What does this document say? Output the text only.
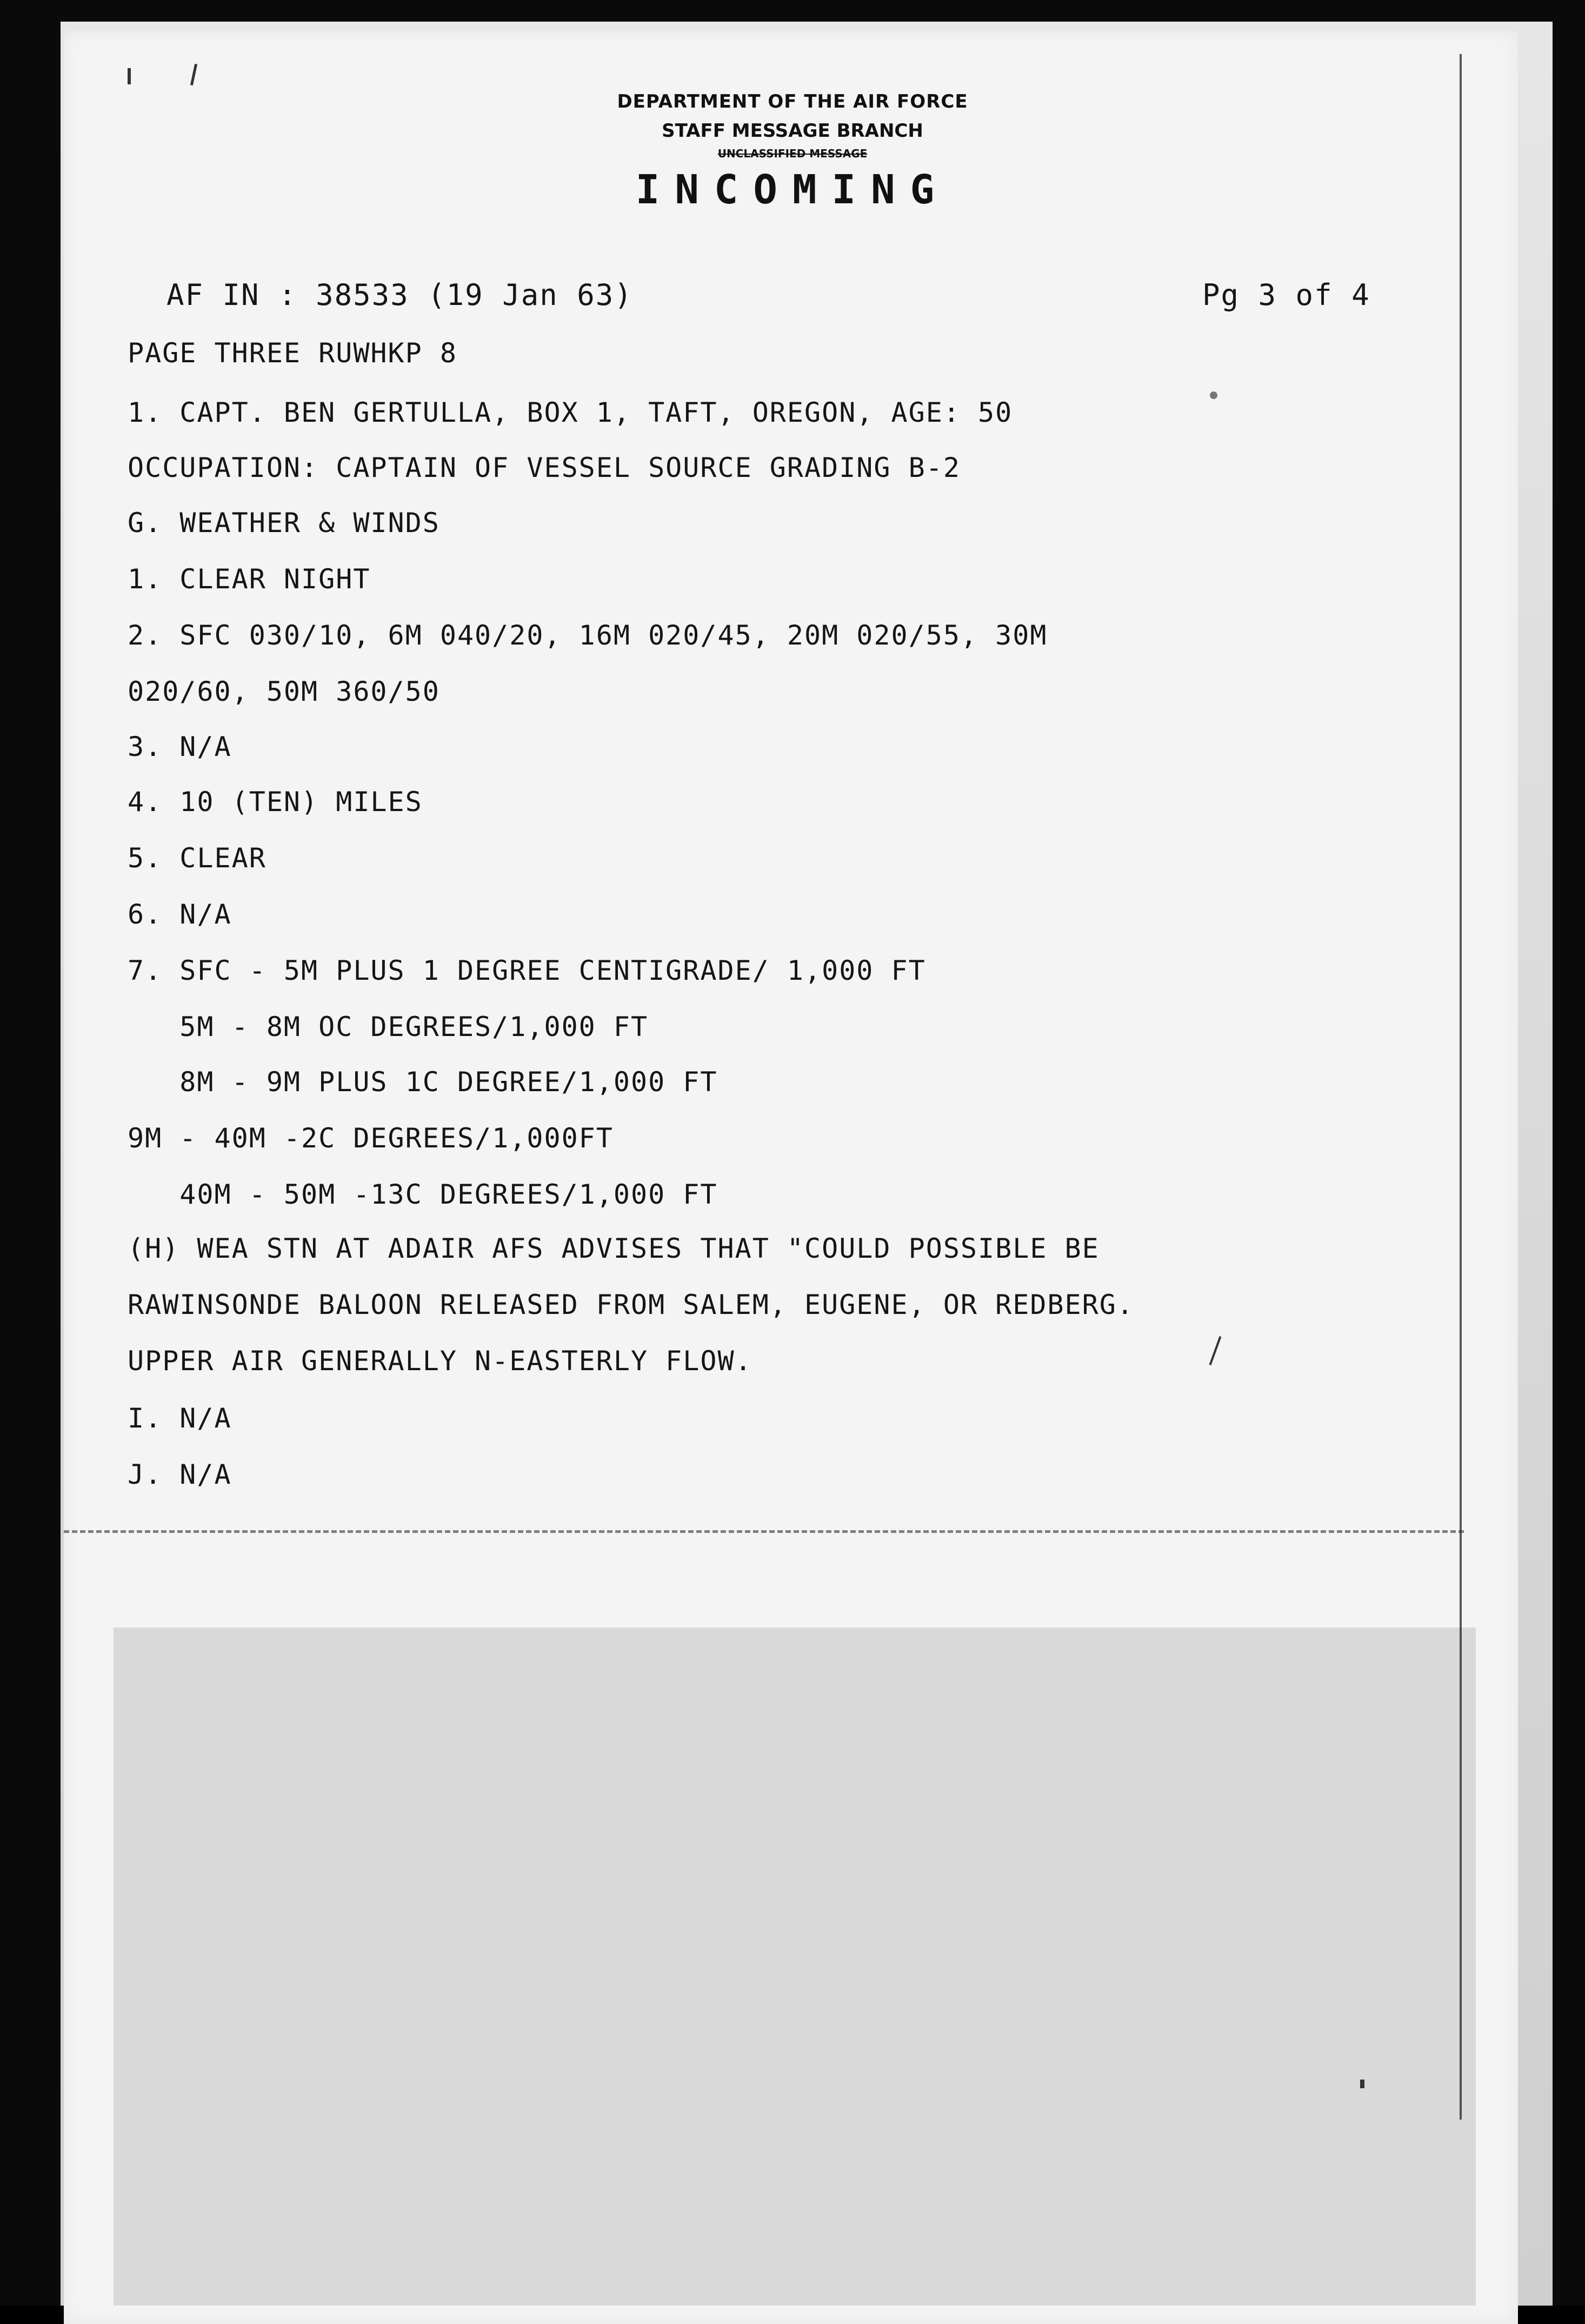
DEPARTMENT OF THE AIR FORCE
STAFF MESSAGE BRANCH
UNCLASSIFIED MESSAGE
INCOMING
AF IN : 38533 (19 Jan 63)	Pg 3 of 4
PAGE THREE RUWHKP 8
1. CAPT. BEN GERTULLA, BOX 1, TAFT, OREGON, AGE: 50
OCCUPATION: CAPTAIN OF VESSEL SOURCE GRADING B-2
G. WEATHER & WINDS
1. CLEAR NIGHT
2. SFC 030/10, 6M 040/20, 16M 020/45, 20M 020/55, 30M
020/60, 50M 360/50
3. N/A
4. 10 (TEN) MILES
5. CLEAR
6. N/A
7. SFC - 5M PLUS 1 DEGREE CENTIGRADE/ 1,000 FT
5M - 8M OC DEGREES/1,000 FT
8M - 9M PLUS 1C DEGREE/1,000 FT
9M - 40M -2C DEGREES/1,000FT
40M - 50M -13C DEGREES/1,000 FT
(H) WEA STN AT ADAIR AFS ADVISES THAT "COULD POSSIBLE BE
RAWINSONDE BALOON RELEASED FROM SALEM, EUGENE, OR REDBERG.
UPPER AIR GENERALLY N-EASTERLY FLOW.
I. N/A
J. N/A
